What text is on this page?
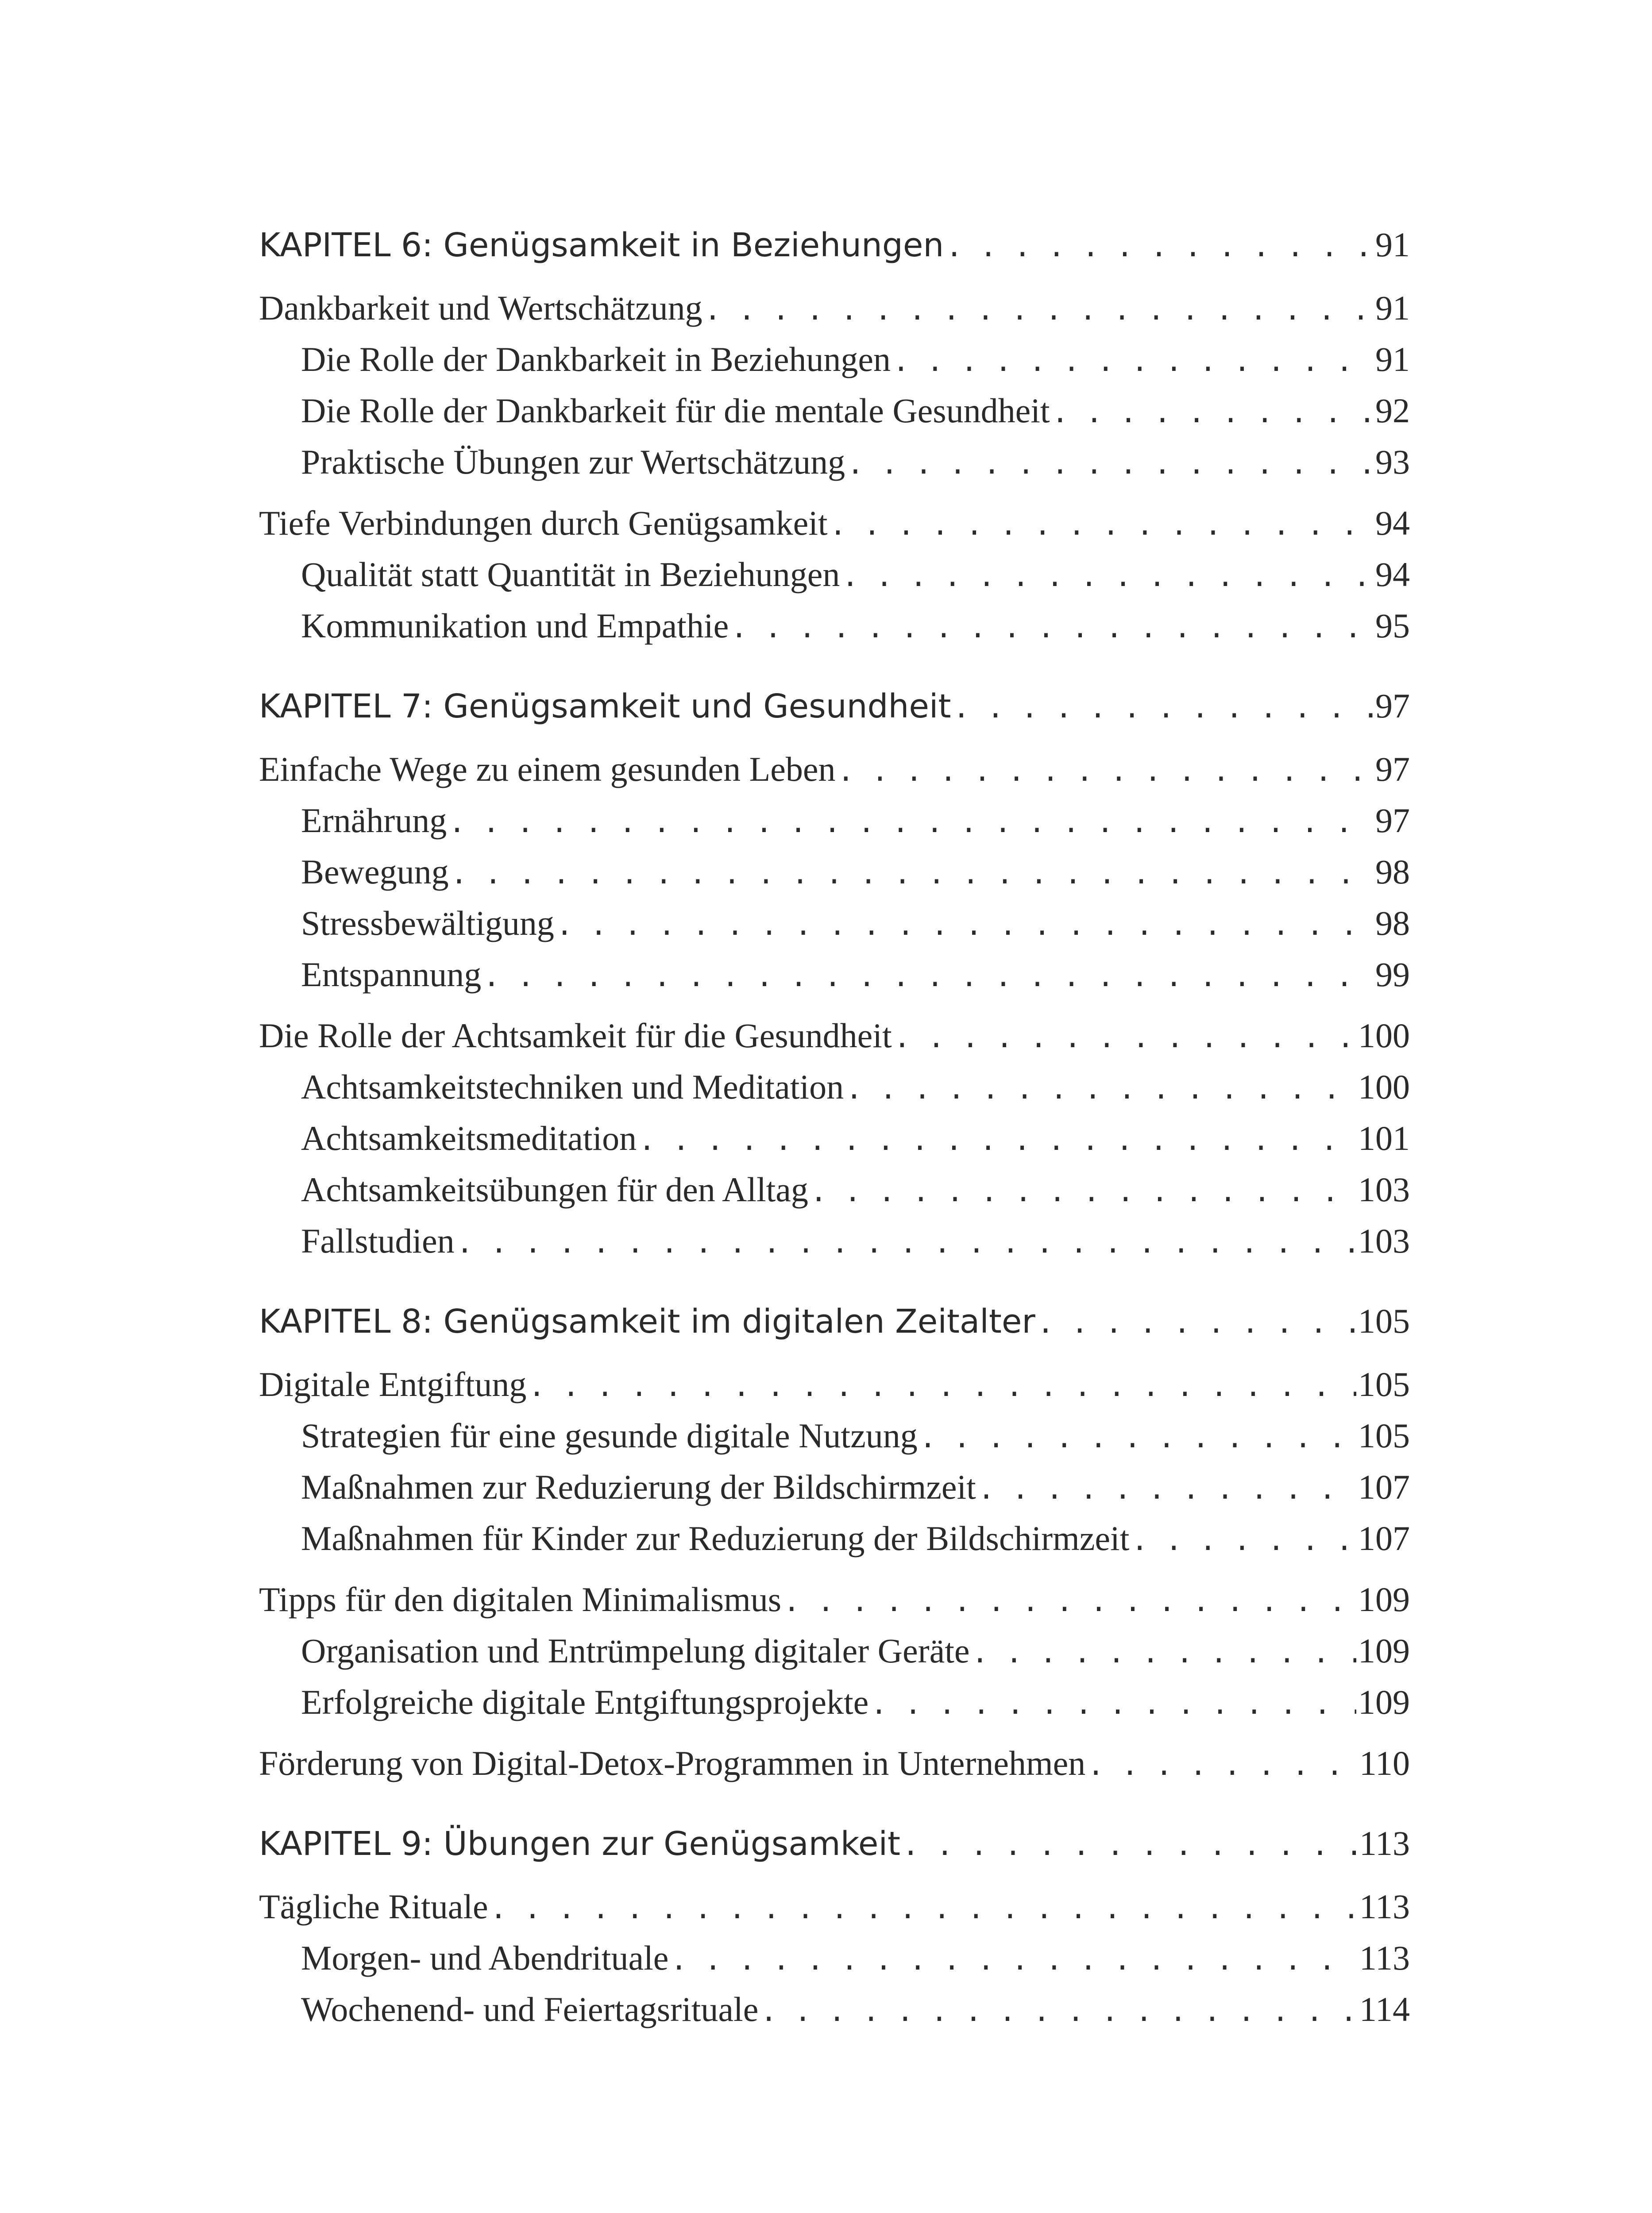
KAPITEL 6: Genügsamkeit in Beziehungen . . .	91
Dankbarkeit und Wertschätzung . . .	91
Die Rolle der Dankbarkeit in Beziehungen . . .	91
Die Rolle der Dankbarkeit für die mentale Gesundheit . . .	92
Praktische Übungen zur Wertschätzung . . .	93
Tiefe Verbindungen durch Genügsamkeit . . .	94
Qualität statt Quantität in Beziehungen . . .	94
Kommunikation und Empathie . . .	95
KAPITEL 7: Genügsamkeit und Gesundheit . . .	97
Einfache Wege zu einem gesunden Leben . . .	97
Ernährung . . .	97
Bewegung . . .	98
Stressbewältigung . . .	98
Entspannung . . .	99
Die Rolle der Achtsamkeit für die Gesundheit . . .	100
Achtsamkeitstechniken und Meditation . . .	100
Achtsamkeitsmeditation . . .	101
Achtsamkeitsübungen für den Alltag . . .	103
Fallstudien . . .	103
KAPITEL 8: Genügsamkeit im digitalen Zeitalter . . .	105
Digitale Entgiftung . . .	105
Strategien für eine gesunde digitale Nutzung . . .	105
Maßnahmen zur Reduzierung der Bildschirmzeit . . .	107
Maßnahmen für Kinder zur Reduzierung der Bildschirmzeit . . .	107
Tipps für den digitalen Minimalismus . . .	109
Organisation und Entrümpelung digitaler Geräte . . .	109
Erfolgreiche digitale Entgiftungsprojekte . . .	109
Förderung von Digital-Detox-Programmen in Unternehmen . . .	110
KAPITEL 9: Übungen zur Genügsamkeit . . .	113
Tägliche Rituale . . .	113
Morgen- und Abendrituale . . .	113
Wochenend- und Feiertagsrituale . . .	114
